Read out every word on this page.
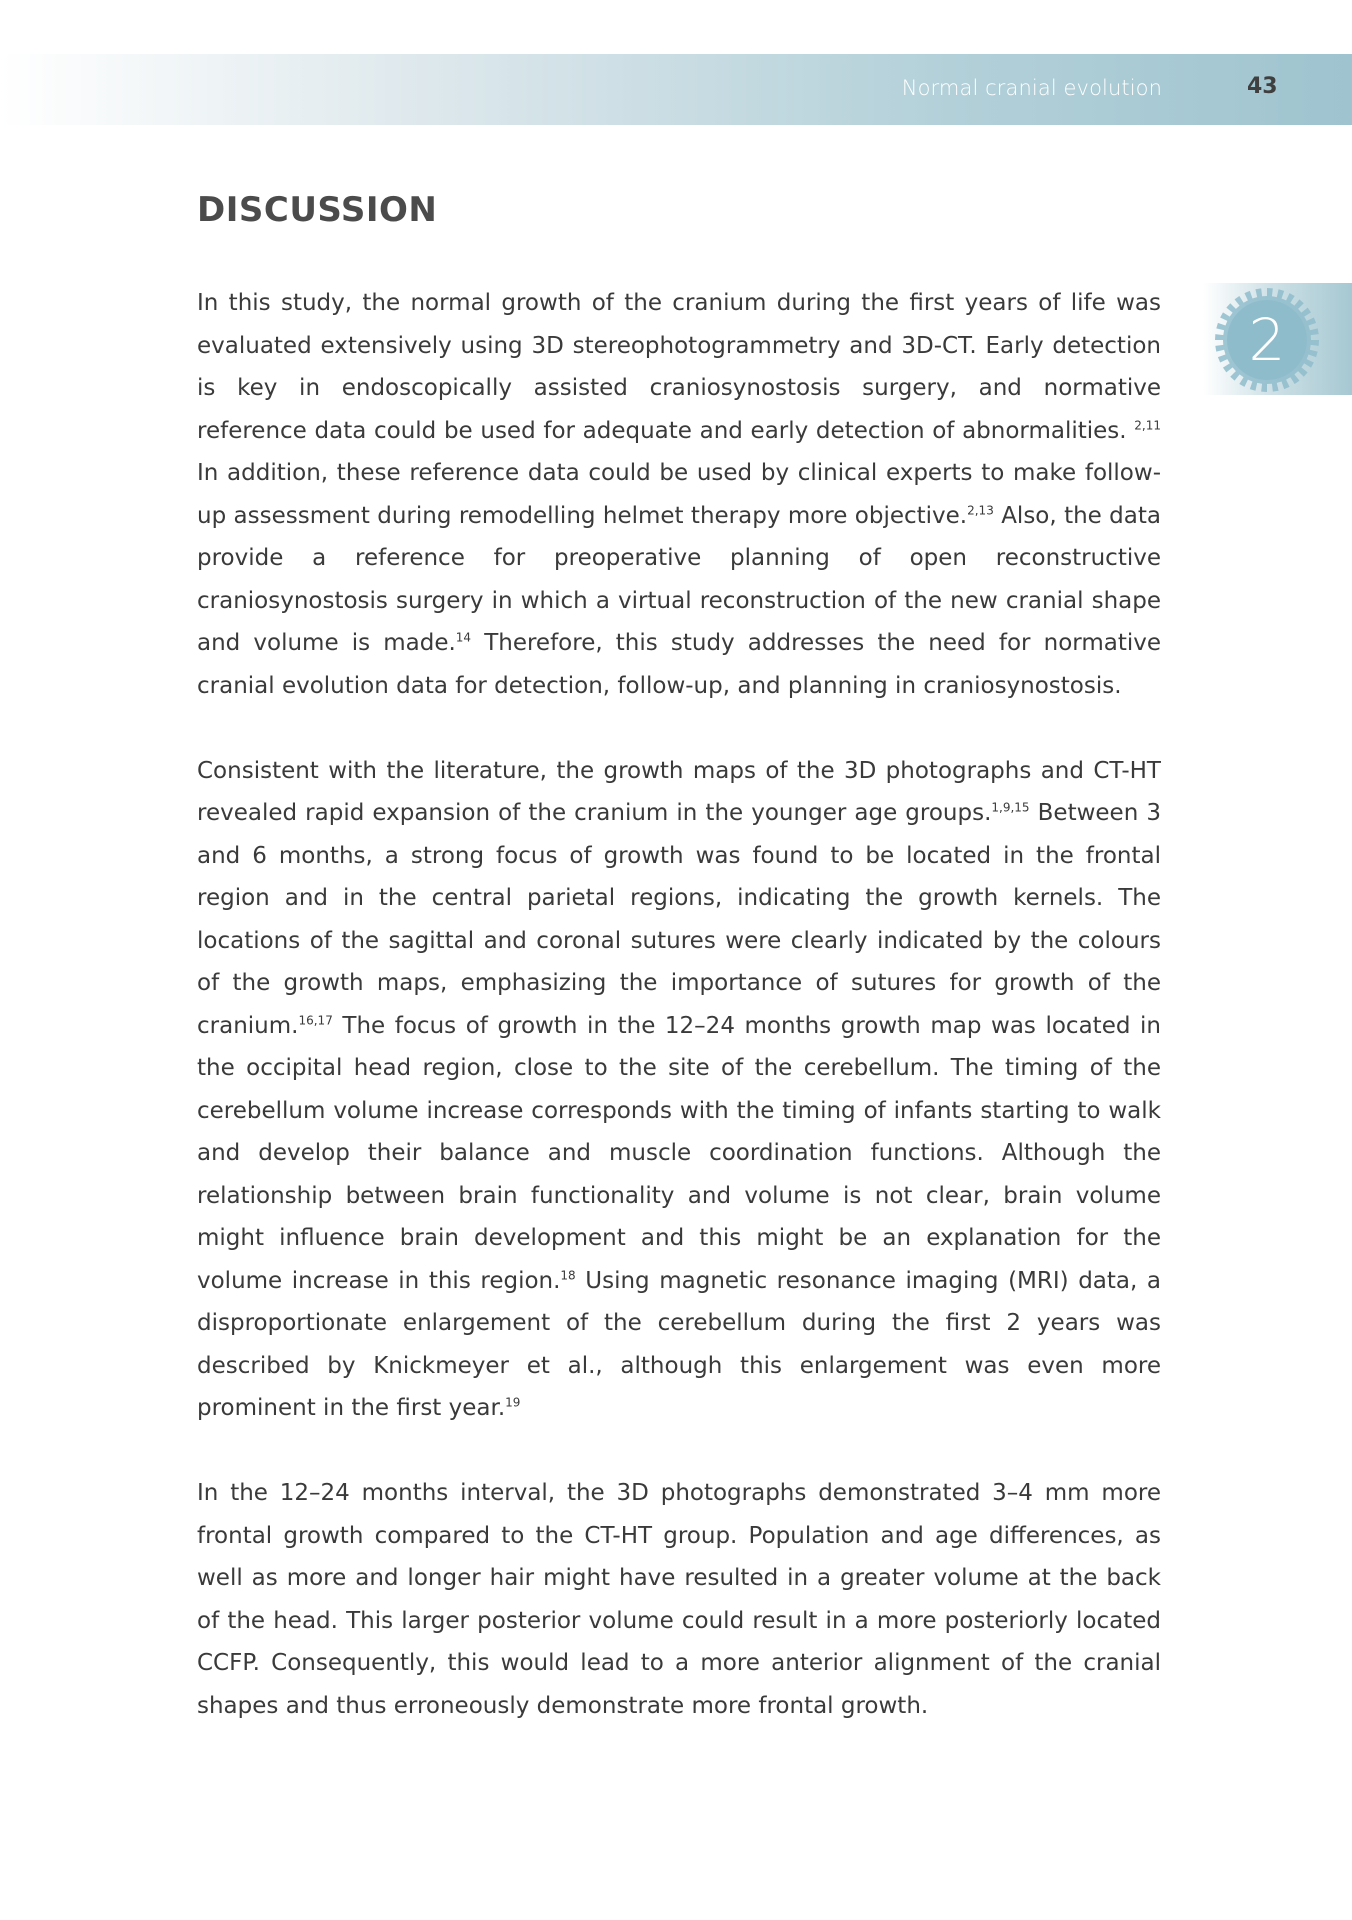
Normal cranial evolution	43
2
DISCUSSION

In this study, the normal growth of the cranium during the first years of life was evaluated extensively using 3D stereophotogrammetry and 3D-CT. Early detection is key in endoscopically assisted craniosynostosis surgery, and normative reference data could be used for adequate and early detection of abnormalities. $^{2,11}$ In addition, these reference data could be used by clinical experts to make follow-up assessment during remodelling helmet therapy more objective.$^{2,13}$ Also, the data provide a reference for preoperative planning of open reconstructive craniosynostosis surgery in which a virtual reconstruction of the new cranial shape and volume is made.$^{14}$ Therefore, this study addresses the need for normative cranial evolution data for detection, follow-up, and planning in craniosynostosis.

Consistent with the literature, the growth maps of the 3D photographs and CT-HT revealed rapid expansion of the cranium in the younger age groups.$^{1,9,15}$ Between 3 and 6 months, a strong focus of growth was found to be located in the frontal region and in the central parietal regions, indicating the growth kernels. The locations of the sagittal and coronal sutures were clearly indicated by the colours of the growth maps, emphasizing the importance of sutures for growth of the cranium.$^{16,17}$ The focus of growth in the 12–24 months growth map was located in the occipital head region, close to the site of the cerebellum. The timing of the cerebellum volume increase corresponds with the timing of infants starting to walk and develop their balance and muscle coordination functions. Although the relationship between brain functionality and volume is not clear, brain volume might influence brain development and this might be an explanation for the volume increase in this region.$^{18}$ Using magnetic resonance imaging (MRI) data, a disproportionate enlargement of the cerebellum during the first 2 years was described by Knickmeyer et al., although this enlargement was even more prominent in the first year.$^{19}$

In the 12–24 months interval, the 3D photographs demonstrated 3–4 mm more frontal growth compared to the CT-HT group. Population and age differences, as well as more and longer hair might have resulted in a greater volume at the back of the head. This larger posterior volume could result in a more posteriorly located CCFP. Consequently, this would lead to a more anterior alignment of the cranial shapes and thus erroneously demonstrate more frontal growth.
